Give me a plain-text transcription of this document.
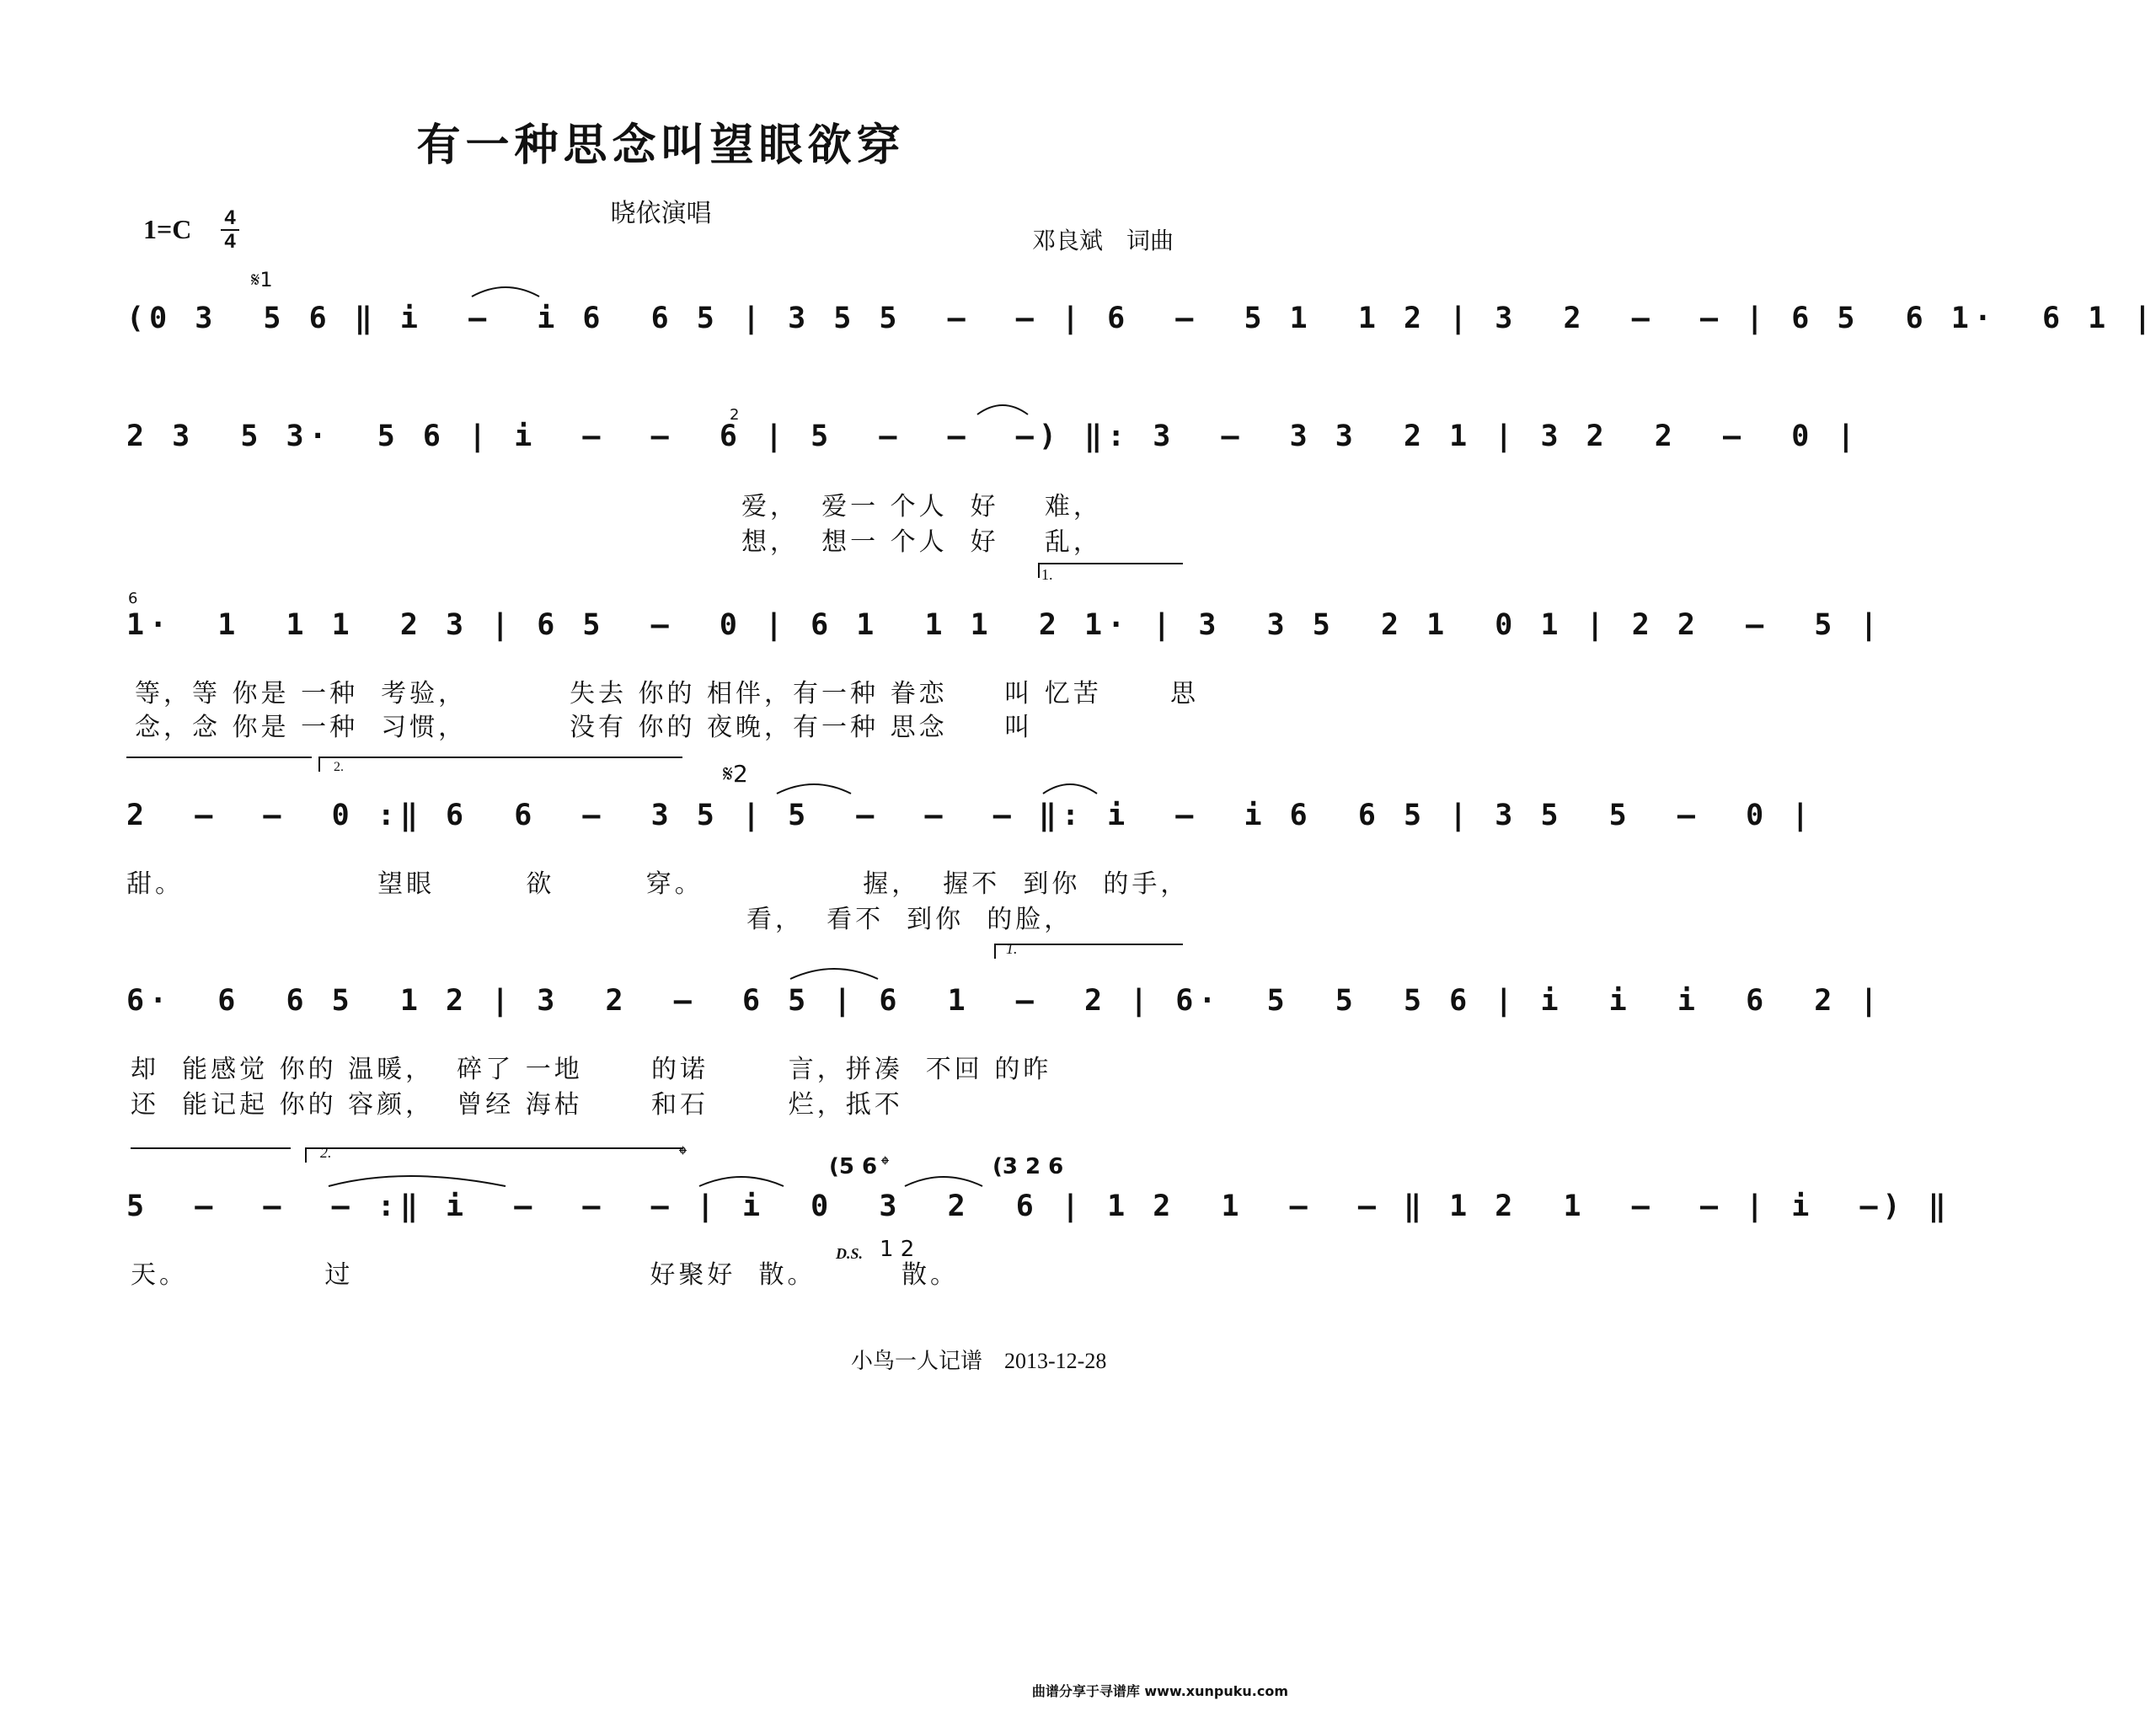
有一种思念叫望眼欲穿
晓依演唱
1=C	4
4	邓良斌　词曲
𝄋1
(0 3  5 6 ‖ i  –  i 6  6 5 | 3 5 5  –  – | 6  –  5 1  1 2 | 3  2  –  – | 6 5  6 1·  6 1 |
2
2 3  5 3·  5 6 | i  –  –  6 | 5  –  –  –) ‖: 3  –  3 3  2 1 | 3 2  2  –  0 |
爱，  爱一 个人  好    难，
想，  想一 个人  好    乱，
1.
6
1·  1  1 1  2 3 | 6 5  –  0 | 6 1  1 1  2 1· | 3  3 5  2 1  0 1 | 2 2  –  5 |
等，等 你是 一种  考验，         失去 你的 相伴，有一种 眷恋     叫 忆苦      思
念，念 你是 一种  习惯，         没有 你的 夜晚，有一种 思念     叫
2.	𝄋2
2  –  –  0 :‖ 6  6  –  3 5 | 5  –  –  – ‖: i  –  i 6  6 5 | 3 5  5  –  0 |
甜。                 望眼        欲        穿。              握，  握不  到你  的手，
看，  看不  到你  的脸，
1.
6·  6  6 5  1 2 | 3  2  –  6 5 | 6  1  –  2 | 6·  5  5  5 6 | i  i  i  6  2 |
却  能感觉 你的 温暖，  碎了 一地      的诺       言，拼凑  不回 的昨
还  能记起 你的 容颜，  曾经 海枯      和石       烂，抵不
2.	𝄌	(5 6 𝄌	(3 2 6
5  –  –  – :‖ i  –  –  – | i  0  3  2  6 | 1 2  1  –  – ‖ 1 2  1  –  – | i  –) ‖
天。            过                          好聚好  散。
D.S. 1 2
散。
小鸟一人记谱　2013-12-28
曲谱分享于寻谱库 www.xunpuku.com
